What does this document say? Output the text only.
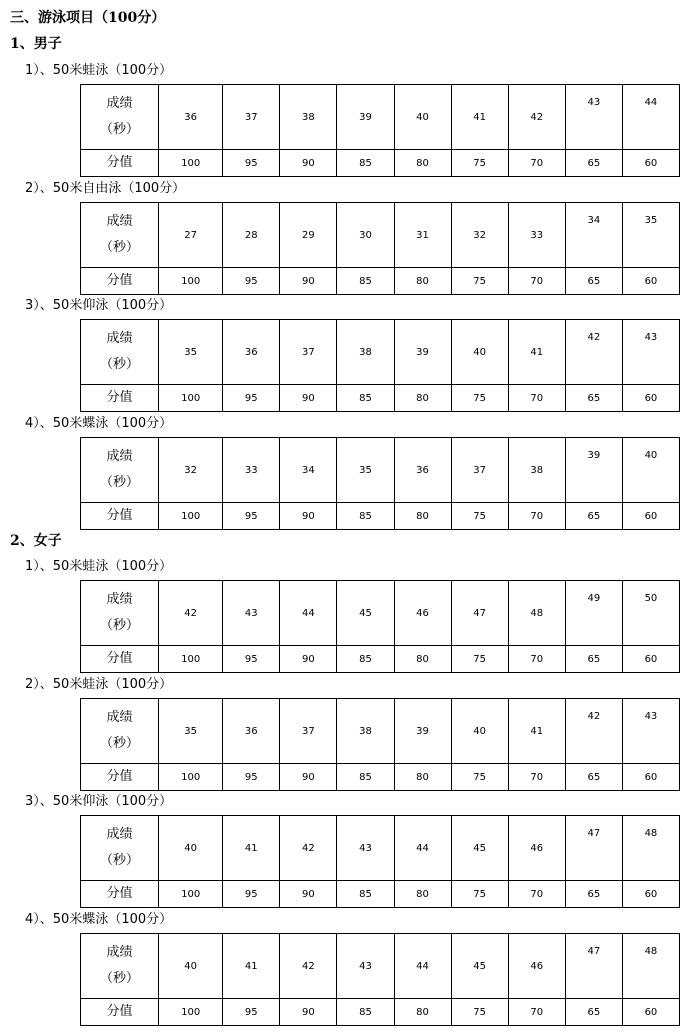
三、游泳项目（100分）
1、男子
1）、50米蛙泳（100分）
成绩
（秒）	36	37	38	39	40	41	42	43	44
分值	100	95	90	85	80	75	70	65	60
2）、50米自由泳（100分）
成绩
（秒）	27	28	29	30	31	32	33	34	35
分值	100	95	90	85	80	75	70	65	60
3）、50米仰泳（100分）
成绩
（秒）	35	36	37	38	39	40	41	42	43
分值	100	95	90	85	80	75	70	65	60
4）、50米蝶泳（100分）
成绩
（秒）	32	33	34	35	36	37	38	39	40
分值	100	95	90	85	80	75	70	65	60
2、女子
1）、50米蛙泳（100分）
成绩
（秒）	42	43	44	45	46	47	48	49	50
分值	100	95	90	85	80	75	70	65	60
2）、50米蛙泳（100分）
成绩
（秒）	35	36	37	38	39	40	41	42	43
分值	100	95	90	85	80	75	70	65	60
3）、50米仰泳（100分）
成绩
（秒）	40	41	42	43	44	45	46	47	48
分值	100	95	90	85	80	75	70	65	60
4）、50米蝶泳（100分）
成绩
（秒）	40	41	42	43	44	45	46	47	48
分值	100	95	90	85	80	75	70	65	60
